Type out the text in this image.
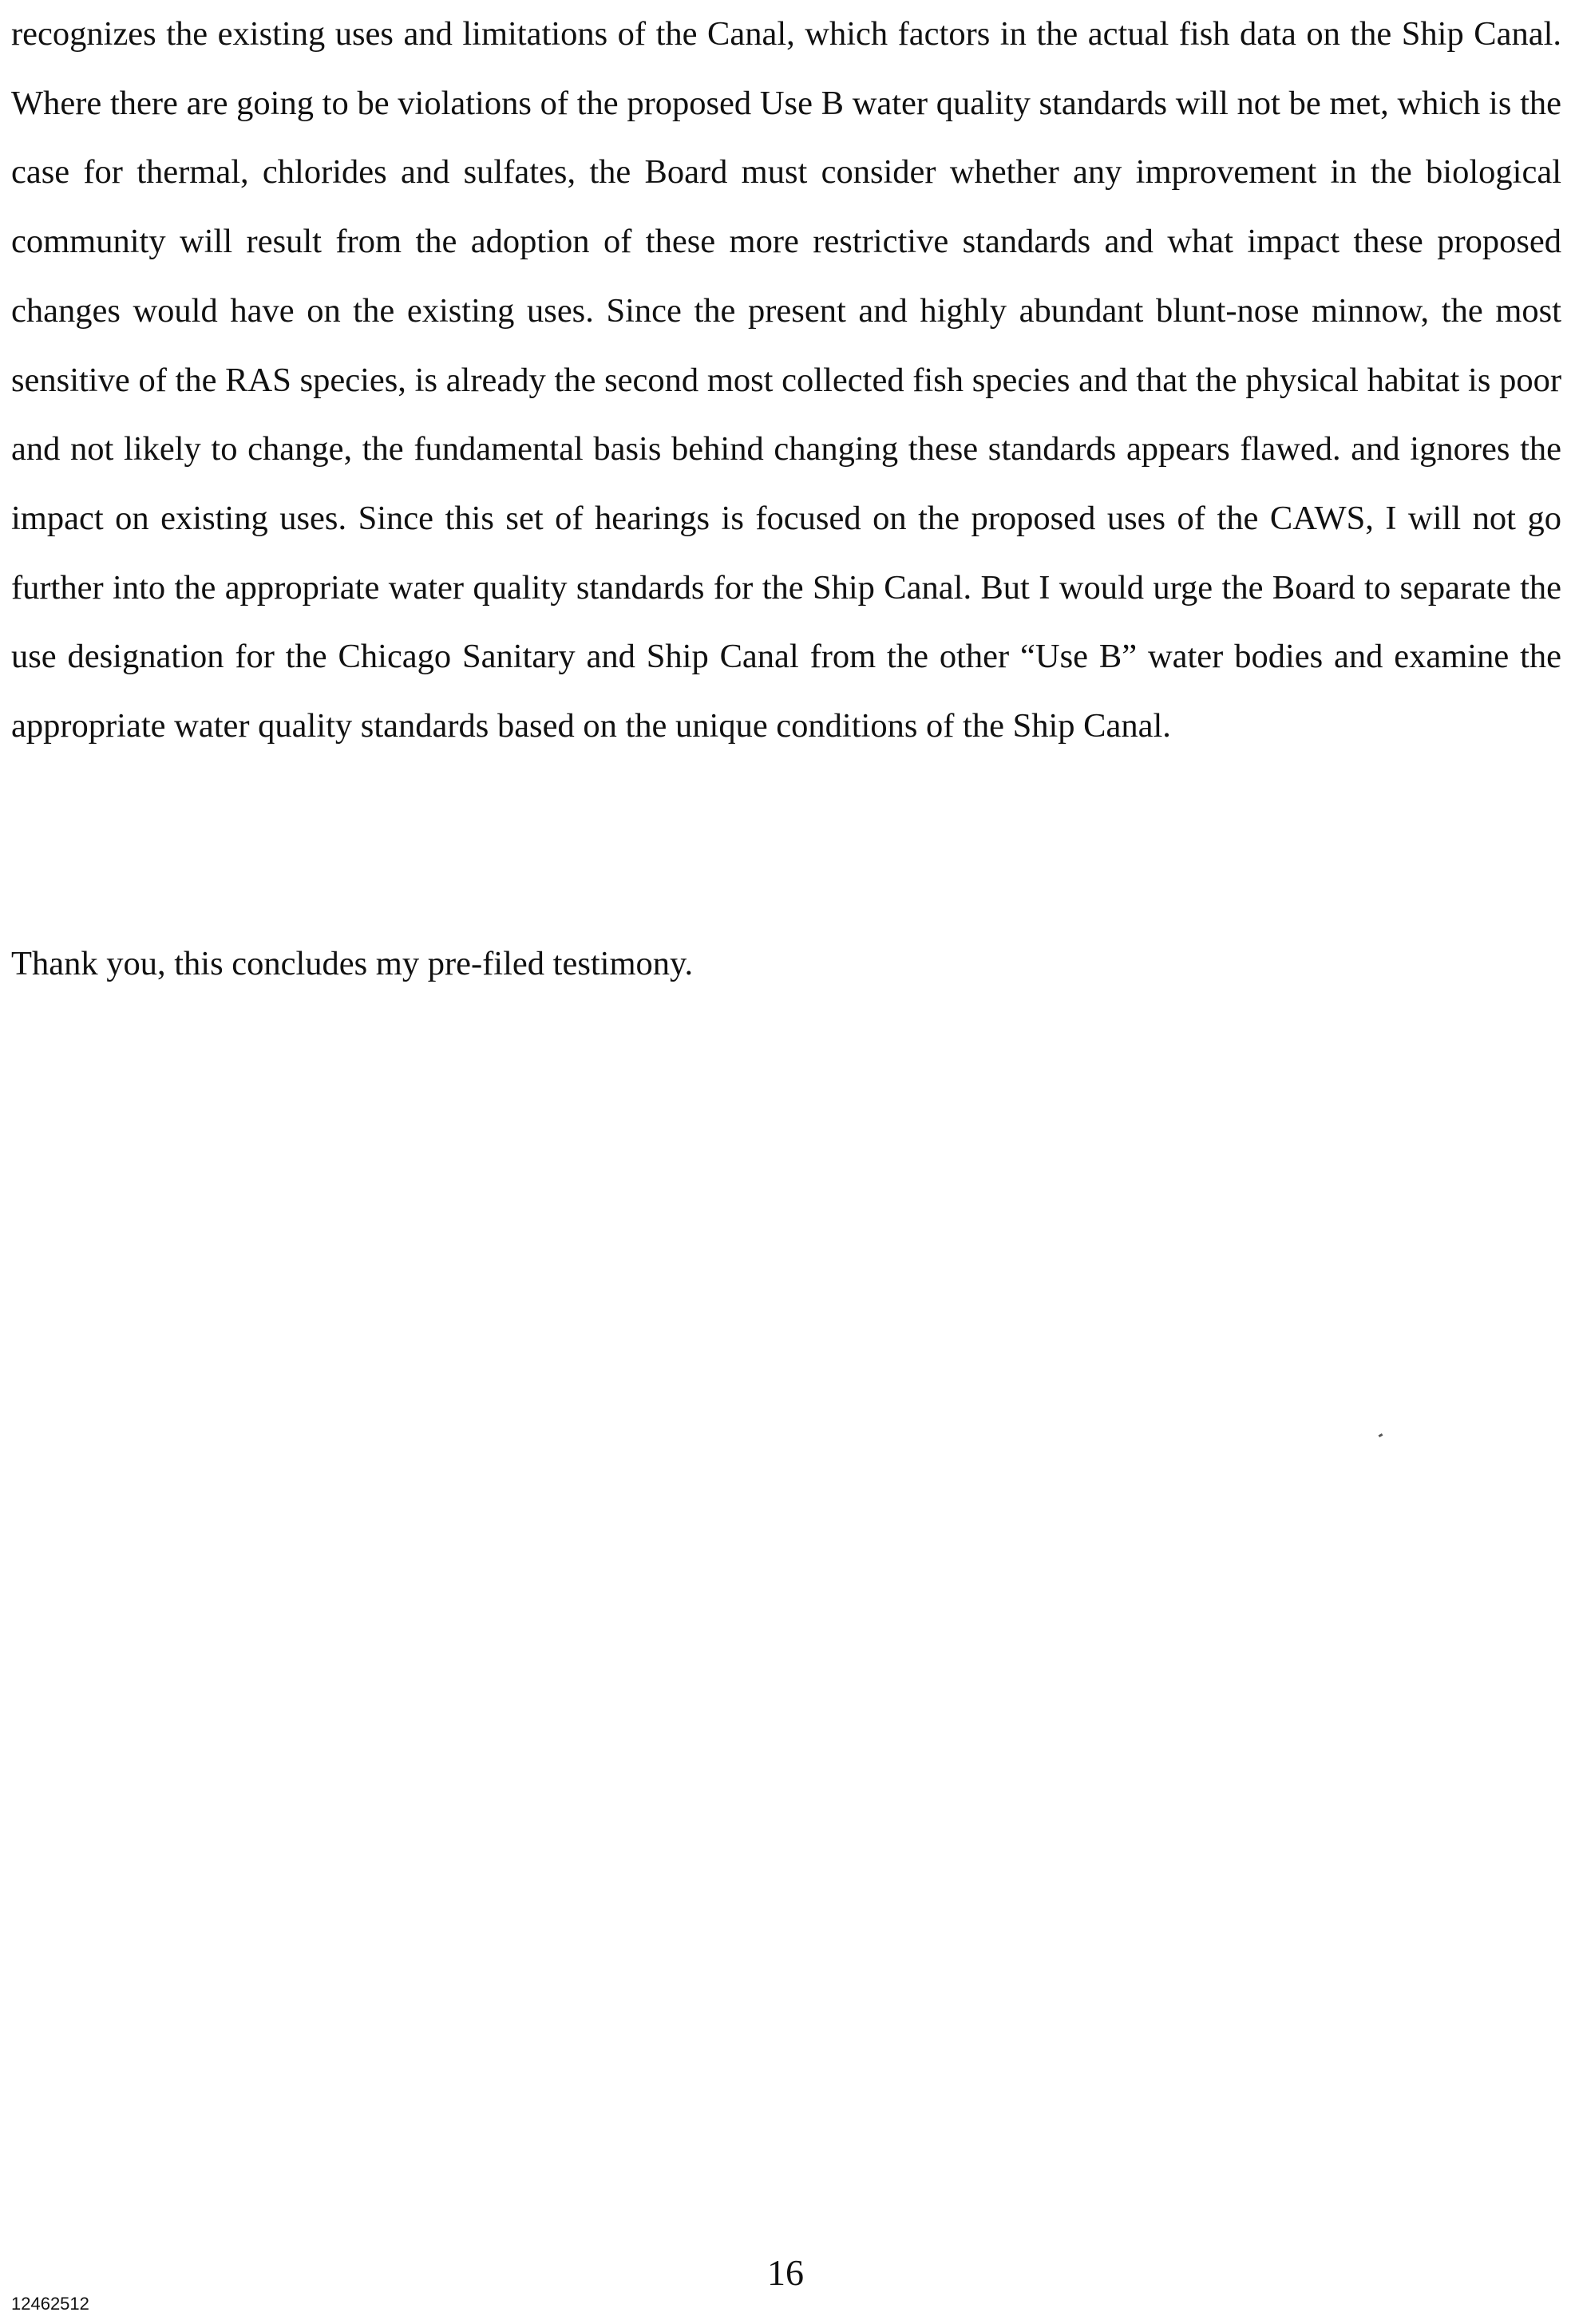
recognizes the existing uses and limitations of the Canal, which factors in the actual fish data on the Ship Canal. Where there are going to be violations of the proposed Use B water quality standards will not be met, which is the case for thermal, chlorides and sulfates, the Board must consider whether any improvement in the biological community will result from the adoption of these more restrictive standards and what impact these proposed changes would have on the existing uses. Since the present and highly abundant blunt-nose minnow, the most sensitive of the RAS species, is already the second most collected fish species and that the physical habitat is poor and not likely to change, the fundamental basis behind changing these standards appears flawed. and ignores the impact on existing uses. Since this set of hearings is focused on the proposed uses of the CAWS, I will not go further into the appropriate water quality standards for the Ship Canal. But I would urge the Board to separate the use designation for the Chicago Sanitary and Ship Canal from the other “Use B” water bodies and examine the appropriate water quality standards based on the unique conditions of the Ship Canal.

Thank you, this concludes my pre-filed testimony.

16
12462512
